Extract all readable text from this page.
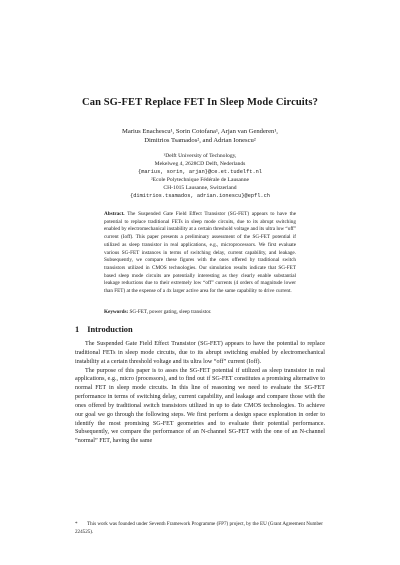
Can SG-FET Replace FET In Sleep Mode Circuits?
Marius Enachescu¹, Sorin Cotofana¹, Arjan van Genderen¹,
Dimitrios Tsamados², and Adrian Ionescu²
¹Delft University of Technology,
Mekelweg 4, 2628CD Delft, Nederlands
{marius, sorin, arjan}@ce.et.tudelft.nl
²Ecole Polytechnique Fédérale de Lausanne
CH-1015 Lausanne, Switzerland
{dimitrios.tsamados, adrian.ionescu}@epfl.ch
Abstract. The Suspended Gate Field Effect Transistor (SG-FET) appears to have the potential to replace traditional FETs in sleep mode circuits, due to its abrupt switching enabled by electromechanical instability at a certain threshold voltage and its ultra low “off” current (Ioff). This paper presents a preliminary assessment of the SG-FET potential if utilized as sleep transistor in real applications, e.g., microprocessors. We first evaluate various SG-FET instances in terms of switching delay, current capability, and leakage. Subsequently, we compare these figures with the ones offered by traditional switch transistors utilized in CMOS technologies. Our simulation results indicate that SG-FET based sleep mode circuits are potentially interesting as they clearly enable substantial leakage reductions due to their extremely low “off” currents (4 orders of magnitude lower than FET) at the expense of a 4x larger active area for the same capability to drive current.
Keywords: SG-FET, power gating, sleep transistor.
1 Introduction

The Suspended Gate Field Effect Transistor (SG-FET) appears to have the potential to replace traditional FETs in sleep mode circuits, due to its abrupt switching enabled by electromechanical instability at a certain threshold voltage and its ultra low “off” current (Ioff).

The purpose of this paper is to asses the SG-FET potential if utilized as sleep transistor in real applications, e.g., micro (processors), and to find out if SG-FET constitutes a promising alternative to normal FET in sleep mode circuits. In this line of reasoning we need to evaluate the SG-FET performance in terms of switching delay, current capability, and leakage and compare those with the ones offered by traditional switch transistors utilized in up to date CMOS technologies. To achieve our goal we go through the following steps. We first perform a design space exploration in order to identify the most promising SG-FET geometries and to evaluate their potential performance. Subsequently, we compare the performance of an N-channel SG-FET with the one of an N-channel “normal” FET, having the same

* This work was founded under Seventh Framework Programme (FP7) project, by the EU (Grant Agreement Number 224525).
